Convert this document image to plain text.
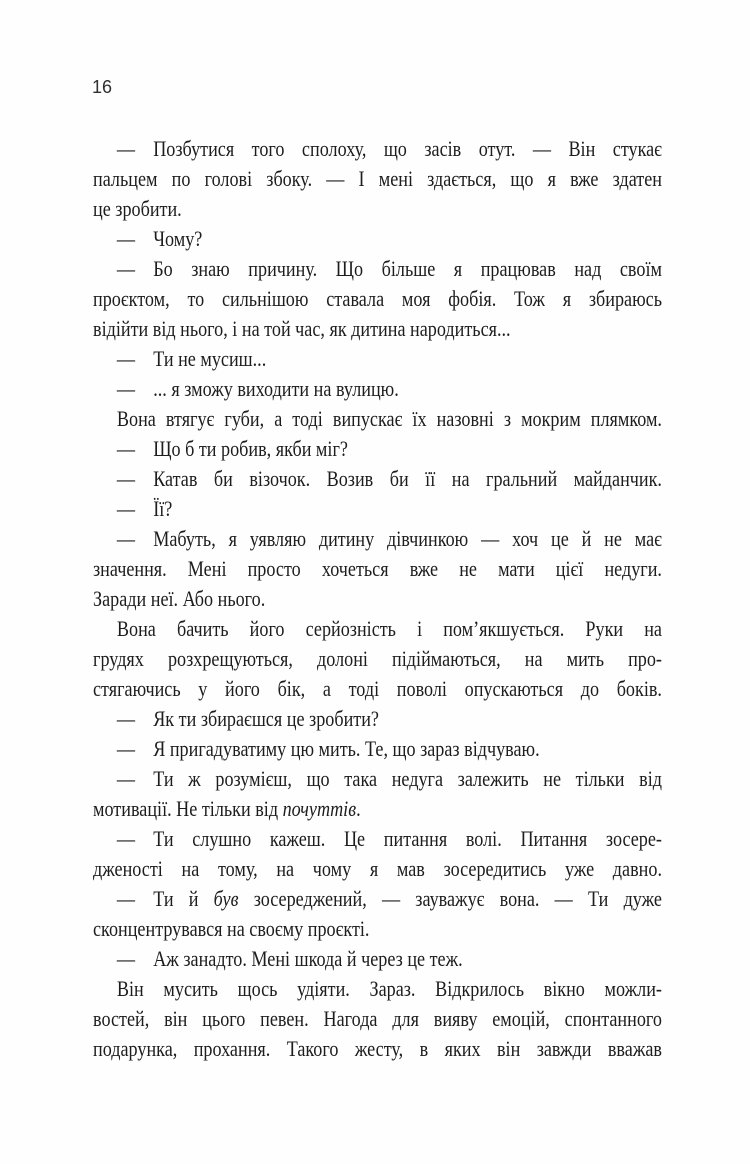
16
— Позбутися того сполоху, що засів отут. — Він стукає
пальцем по голові збоку. — І мені здається, що я вже здатен
це зробити.
— Чому?
— Бо знаю причину. Що більше я працював над своїм
проєктом, то сильнішою ставала моя фобія. Тож я збираюсь
відійти від нього, і на той час, як дитина народиться...
— Ти не мусиш...
— ... я зможу виходити на вулицю.
Вона втягує губи, а тоді випускає їх назовні з мокрим плямком.
— Що б ти робив, якби міг?
— Катав би візочок. Возив би її на гральний майданчик.
— Її?
— Мабуть, я уявляю дитину дівчинкою — хоч це й не має
значення. Мені просто хочеться вже не мати цієї недуги.
Заради неї. Або нього.
Вона бачить його серйозність і пом’якшується. Руки на
грудях розхрещуються, долоні підіймаються, на мить про-
стягаючись у його бік, а тоді поволі опускаються до боків.
— Як ти збираєшся це зробити?
— Я пригадуватиму цю мить. Те, що зараз відчуваю.
— Ти ж розумієш, що така недуга залежить не тільки від
мотивації. Не тільки від почуттів.
— Ти слушно кажеш. Це питання волі. Питання зосере-
дженості на тому, на чому я мав зосередитись уже давно.
— Ти й був зосереджений, — зауважує вона. — Ти дуже
сконцентрувався на своєму проєкті.
— Аж занадто. Мені шкода й через це теж.
Він мусить щось удіяти. Зараз. Відкрилось вікно можли-
востей, він цього певен. Нагода для вияву емоцій, спонтанного
подарунка, прохання. Такого жесту, в яких він завжди вважав
